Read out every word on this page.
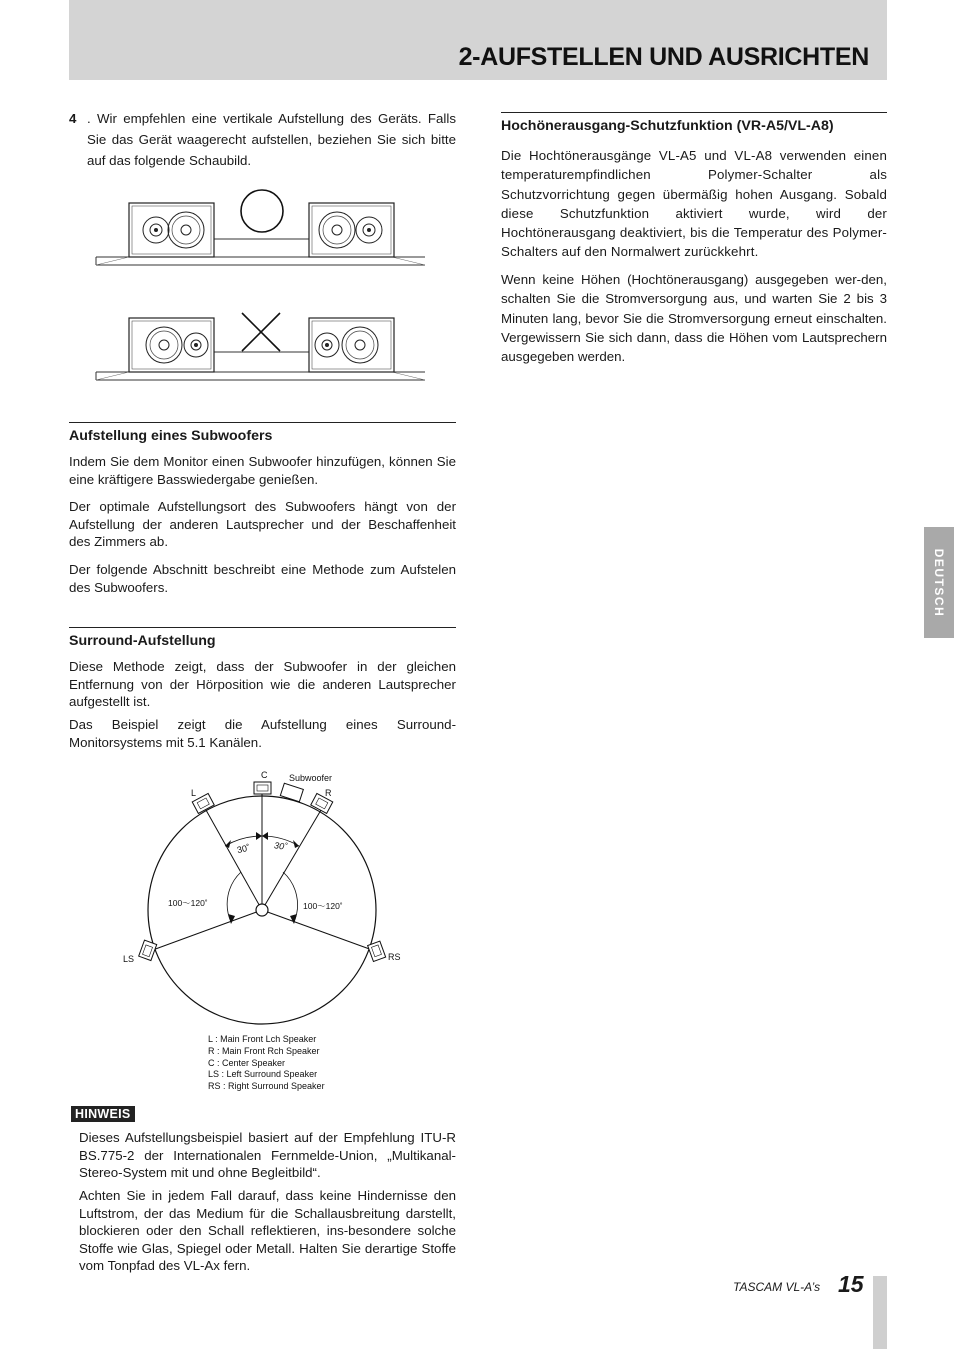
2-AUFSTELLEN UND AUSRICHTEN
4 . Wir empfehlen eine vertikale Aufstellung des Geräts. Falls Sie das Gerät waagerecht aufstellen, beziehen Sie sich bitte auf das folgende Schaubild.
Aufstellung eines Subwoofers

Indem Sie dem Monitor einen Subwoofer hinzufügen, können Sie eine kräftigere Basswiedergabe genießen.

Der optimale Aufstellungsort des Subwoofers hängt von der Aufstellung der anderen Lautsprecher und der Beschaffenheit des Zimmers ab.

Der folgende Abschnitt beschreibt eine Methode zum Aufstelen des Subwoofers.

Surround-Aufstellung

Diese Methode zeigt, dass der Subwoofer in der gleichen Entfernung von der Hörposition wie die anderen Lautsprecher aufgestellt ist.

Das Beispiel zeigt die Aufstellung eines Surround-Monitorsystems mit 5.1 Kanälen.

C Subwoofer
L	R
LS	RS
30˚	30˚
100〜120˚	100〜120˚
L : Main Front Lch Speaker
R : Main Front Rch Speaker
C : Center Speaker
LS : Left Surround Speaker
RS : Right Surround Speaker
HINWEIS

Dieses Aufstellungsbeispiel basiert auf der Empfehlung ITU-R BS.775-2 der Internationalen Fernmelde-Union, „Multikanal-Stereo-System mit und ohne Begleitbild“.

Achten Sie in jedem Fall darauf, dass keine Hindernisse den Luftstrom, der das Medium für die Schallausbreitung darstellt, blockieren oder den Schall reflektieren, ins-besondere solche Stoffe wie Glas, Spiegel oder Metall. Halten Sie derartige Stoffe vom Tonpfad des VL-Ax fern.

Hochönerausgang-Schutzfunktion (VR-A5/VL-A8)

Die Hochtönerausgänge VL-A5 und VL-A8 verwenden einen temperaturempfindlichen Polymer-Schalter als Schutzvorrichtung gegen übermäßig hohen Ausgang. Sobald diese Schutzfunktion aktiviert wurde, wird der Hochtönerausgang deaktiviert, bis die Temperatur des Polymer-Schalters auf den Normalwert zurückkehrt.

Wenn keine Höhen (Hochtönerausgang) ausgegeben wer-den, schalten Sie die Stromversorgung aus, und warten Sie 2 bis 3 Minuten lang, bevor Sie die Stromversorgung erneut einschalten. Vergewissern Sie sich dann, dass die Höhen vom Lautsprechern ausgegeben werden.

DEUTSCH
TASCAM VL-A’s 15
